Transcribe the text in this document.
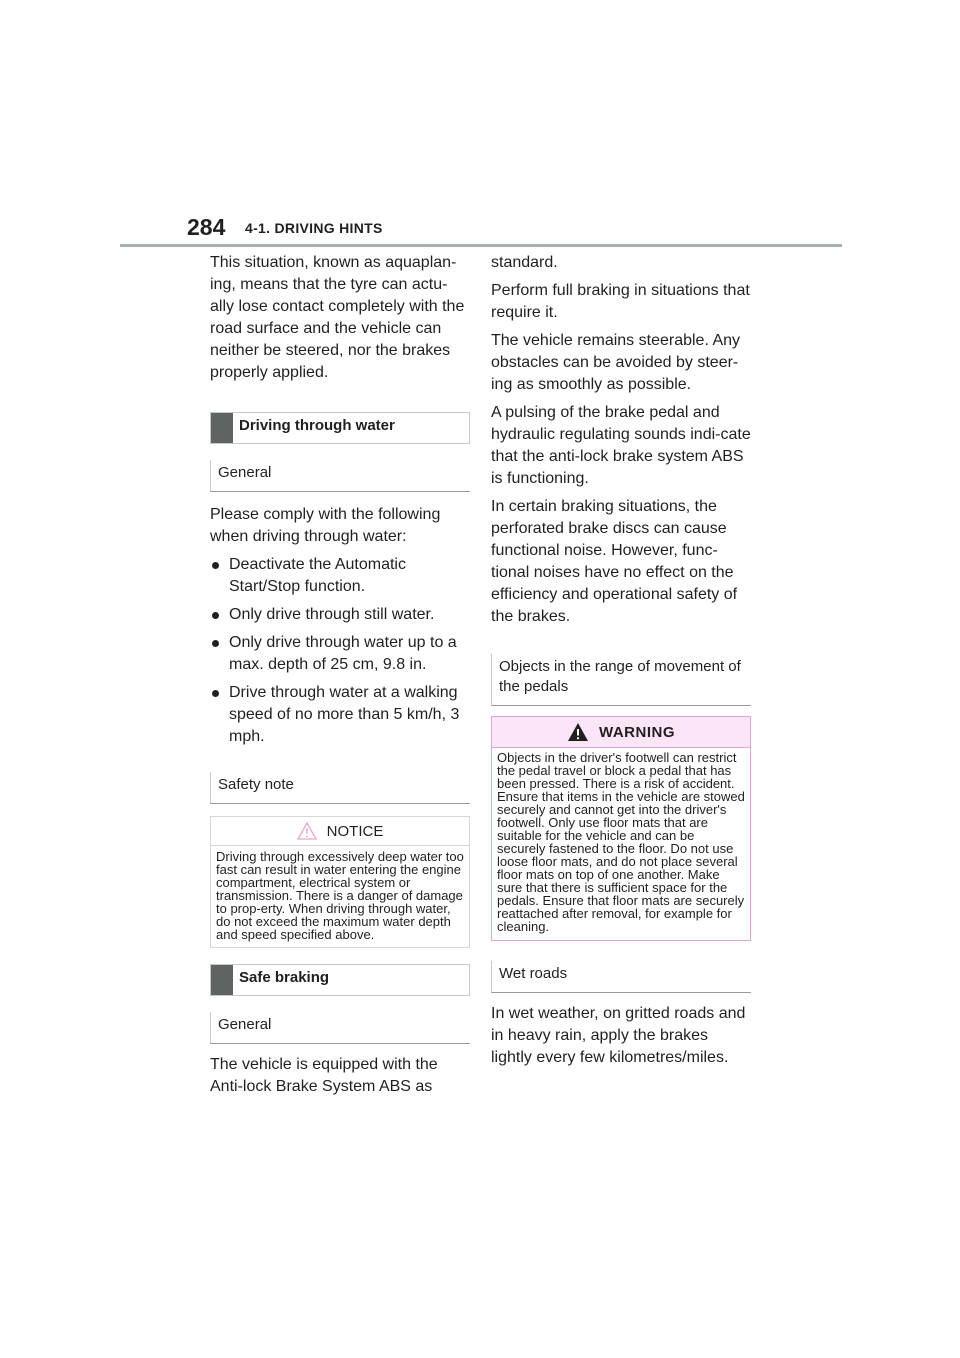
284 4-1. DRIVING HINTS

This situation, known as aquaplan-ing, means that the tyre can actu-ally lose contact completely with the road surface and the vehicle can neither be steered, nor the brakes properly applied.

Driving through water
General

Please comply with the following when driving through water:

Deactivate the Automatic Start/Stop function.
Only drive through still water.
Only drive through water up to a max. depth of 25 cm, 9.8 in.
Drive through water at a walking speed of no more than 5 km/h, 3 mph.
Safety note
NOTICE
Driving through excessively deep water too fast can result in water entering the engine compartment, electrical system or transmission. There is a danger of damage to prop-erty. When driving through water, do not exceed the maximum water depth and speed specified above.
Safe braking
General

The vehicle is equipped with the Anti-lock Brake System ABS as

standard.

Perform full braking in situations that require it.

The vehicle remains steerable. Any obstacles can be avoided by steer-ing as smoothly as possible.

A pulsing of the brake pedal and hydraulic regulating sounds indi-cate that the anti-lock brake system ABS is functioning.

In certain braking situations, the perforated brake discs can cause functional noise. However, func-tional noises have no effect on the efficiency and operational safety of the brakes.

Objects in the range of movement of the pedals
WARNING
Objects in the driver's footwell can restrict the pedal travel or block a pedal that has been pressed. There is a risk of accident. Ensure that items in the vehicle are stowed securely and cannot get into the driver's footwell. Only use floor mats that are suitable for the vehicle and can be securely fastened to the floor. Do not use loose floor mats, and do not place several floor mats on top of one another. Make sure that there is sufficient space for the pedals. Ensure that floor mats are securely reattached after removal, for example for cleaning.
Wet roads

In wet weather, on gritted roads and in heavy rain, apply the brakes lightly every few kilometres/miles.
